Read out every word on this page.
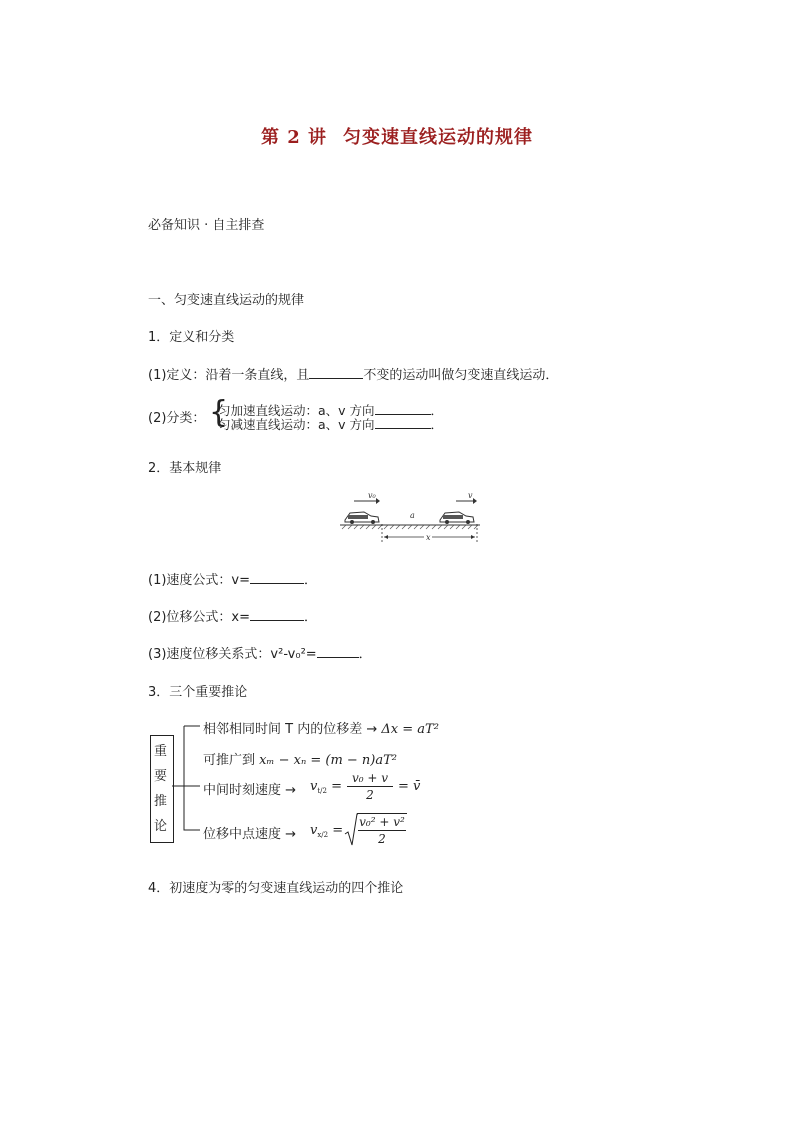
第 2 讲 匀变速直线运动的规律
必备知识 · 自主排查
一、匀变速直线运动的规律
1．定义和分类
(1)定义：沿着一条直线，且	不变的运动叫做匀变速直线运动．
(2)分类： {
匀加速直线运动：a、v 方向	．
匀减速直线运动：a、v 方向	．
2．基本规律
v₀
a
v
x
(1)速度公式：v=	．
(2)位移公式：x=	．
(3)速度位移关系式：v²-v₀²=	．
3．三个重要推论
重
要
推
论
相邻相同时间 T 内的位移差 → Δx = aT²
可推广到 xₘ − xₙ = (m − n)aT²
中间时刻速度 → $v_{t/2}$ =
v₀ + v
2
= v̄
位移中点速度 → $v_{x/2}$ =
v₀² + v²
2
4．初速度为零的匀变速直线运动的四个推论
